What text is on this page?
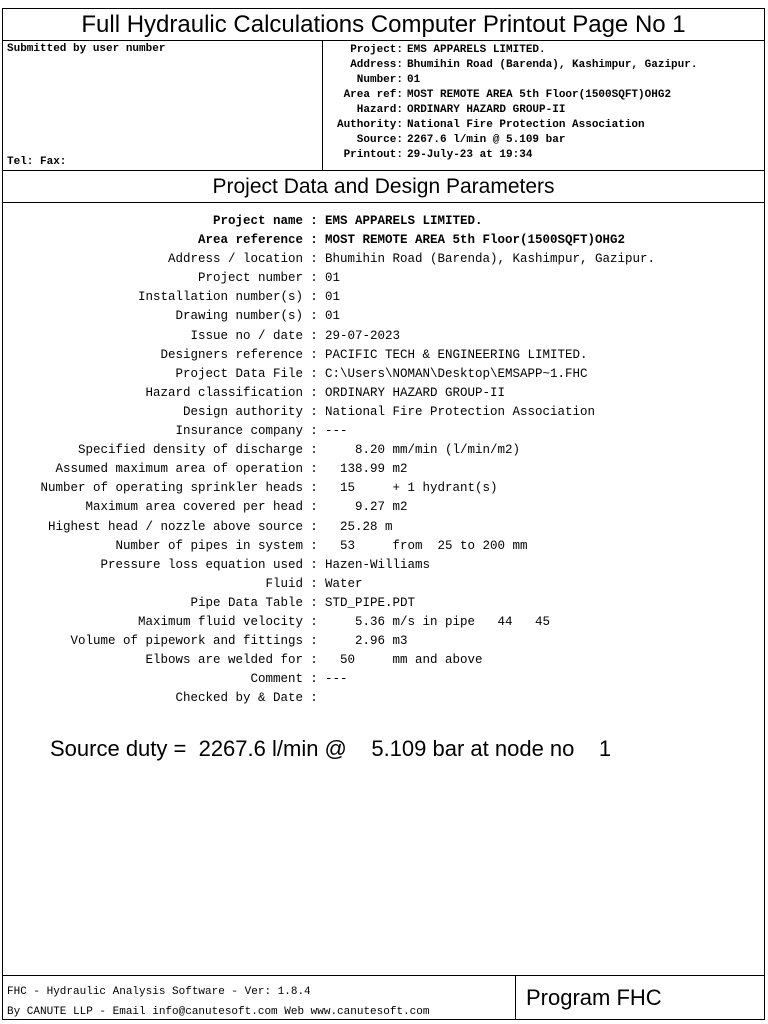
Full Hydraulic Calculations Computer Printout Page No 1
Submitted by user number
Tel: Fax:
Project: EMS APPARELS LIMITED.
Address: Bhumihin Road (Barenda), Kashimpur, Gazipur.
Number: 01
Area ref: MOST REMOTE AREA 5th Floor(1500SQFT)OHG2
Hazard: ORDINARY HAZARD GROUP-II
Authority: National Fire Protection Association
Source: 2267.6 l/min @ 5.109 bar
Printout: 29-July-23 at 19:34
Project Data and Design Parameters
Project name : EMS APPARELS LIMITED.
Area reference : MOST REMOTE AREA 5th Floor(1500SQFT)OHG2
Address / location : Bhumihin Road (Barenda), Kashimpur, Gazipur.
Project number : 01
Installation number(s) : 01
Drawing number(s) : 01
Issue no / date : 29-07-2023
Designers reference : PACIFIC TECH & ENGINEERING LIMITED.
Project Data File : C:\Users\NOMAN\Desktop\EMSAPP~1.FHC
Hazard classification : ORDINARY HAZARD GROUP-II
Design authority : National Fire Protection Association
Insurance company : ---
Specified density of discharge : 8.20 mm/min (l/min/m2)
Assumed maximum area of operation : 138.99 m2
Number of operating sprinkler heads : 15     + 1 hydrant(s)
Maximum area covered per head : 9.27 m2
Highest head / nozzle above source : 25.28 m
Number of pipes in system : 53     from  25 to 200 mm
Pressure loss equation used : Hazen-Williams
Fluid : Water
Pipe Data Table : STD_PIPE.PDT
Maximum fluid velocity : 5.36 m/s in pipe   44   45
Volume of pipework and fittings : 2.96 m3
Elbows are welded for : 50     mm and above
Comment : ---
Checked by & Date :
Source duty =  2267.6 l/min @    5.109 bar at node no    1
FHC - Hydraulic Analysis Software - Ver: 1.8.4
By CANUTE LLP - Email info@canutesoft.com Web www.canutesoft.com
Program FHC
